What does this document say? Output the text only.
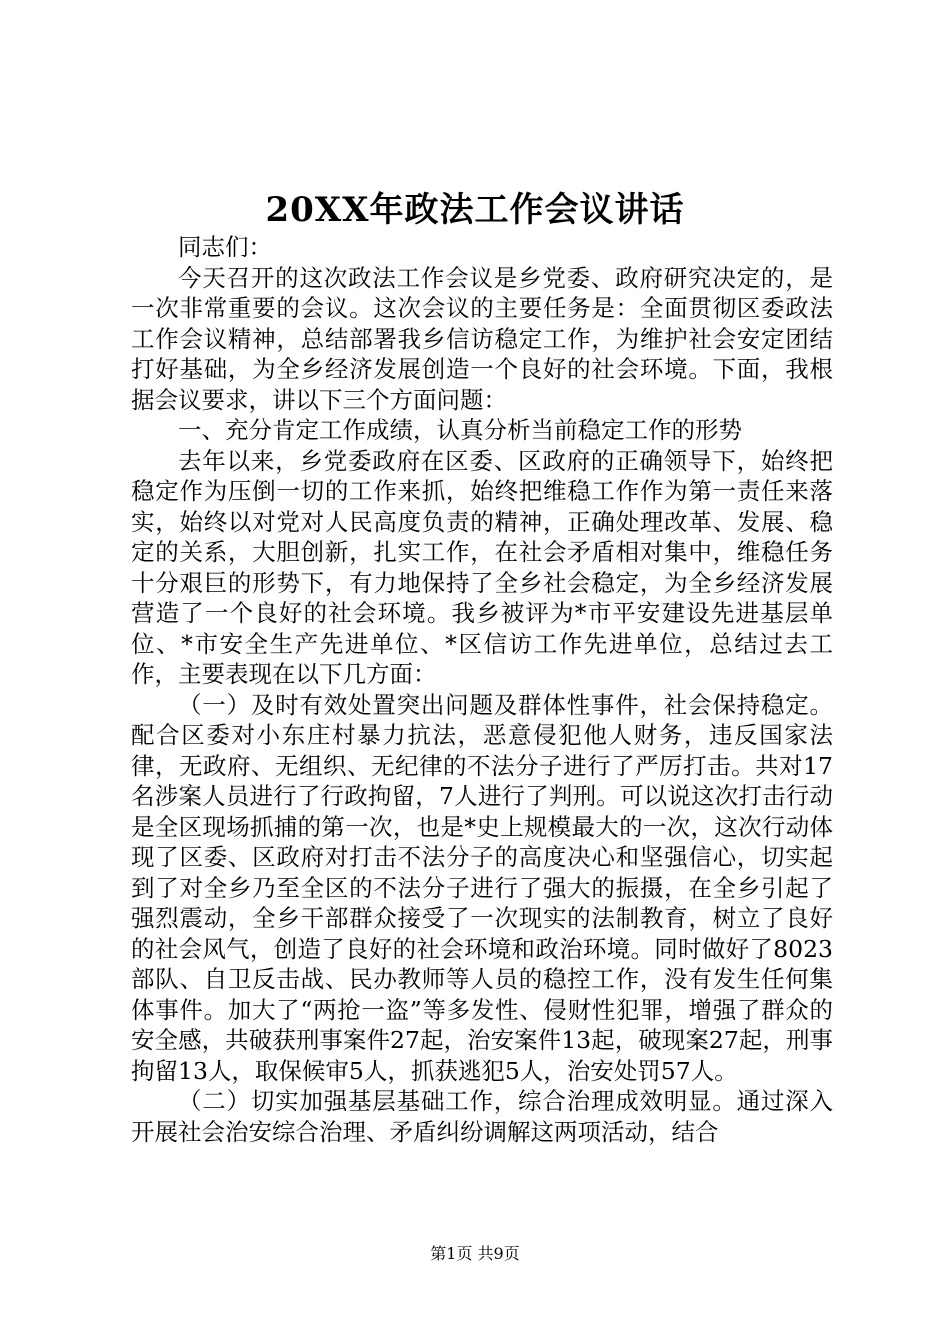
20XX年政法工作会议讲话

同志们：

今天召开的这次政法工作会议是乡党委、政府研究决定的，是一次非常重要的会议。这次会议的主要任务是：全面贯彻区委政法工作会议精神，总结部署我乡信访稳定工作，为维护社会安定团结打好基础，为全乡经济发展创造一个良好的社会环境。下面，我根据会议要求，讲以下三个方面问题：

一、充分肯定工作成绩，认真分析当前稳定工作的形势

去年以来，乡党委政府在区委、区政府的正确领导下，始终把稳定作为压倒一切的工作来抓，始终把维稳工作作为第一责任来落实，始终以对党对人民高度负责的精神，正确处理改革、发展、稳定的关系，大胆创新，扎实工作，在社会矛盾相对集中，维稳任务十分艰巨的形势下，有力地保持了全乡社会稳定，为全乡经济发展营造了一个良好的社会环境。我乡被评为*市平安建设先进基层单位、*市安全生产先进单位、*区信访工作先进单位，总结过去工作，主要表现在以下几方面：

（一）及时有效处置突出问题及群体性事件，社会保持稳定。配合区委对小东庄村暴力抗法，恶意侵犯他人财务，违反国家法律，无政府、无组织、无纪律的不法分子进行了严厉打击。共对17名涉案人员进行了行政拘留，7人进行了判刑。可以说这次打击行动是全区现场抓捕的第一次，也是*史上规模最大的一次，这次行动体现了区委、区政府对打击不法分子的高度决心和坚强信心，切实起到了对全乡乃至全区的不法分子进行了强大的振摄，在全乡引起了强烈震动，全乡干部群众接受了一次现实的法制教育，树立了良好的社会风气，创造了良好的社会环境和政治环境。同时做好了8023部队、自卫反击战、民办教师等人员的稳控工作，没有发生任何集体事件。加大了“两抢一盗”等多发性、侵财性犯罪，增强了群众的安全感，共破获刑事案件27起，治安案件13起，破现案27起，刑事拘留13人，取保候审5人，抓获逃犯5人，治安处罚57人。

（二）切实加强基层基础工作，综合治理成效明显。通过深入开展社会治安综合治理、矛盾纠纷调解这两项活动，结合

第1页 共9页
